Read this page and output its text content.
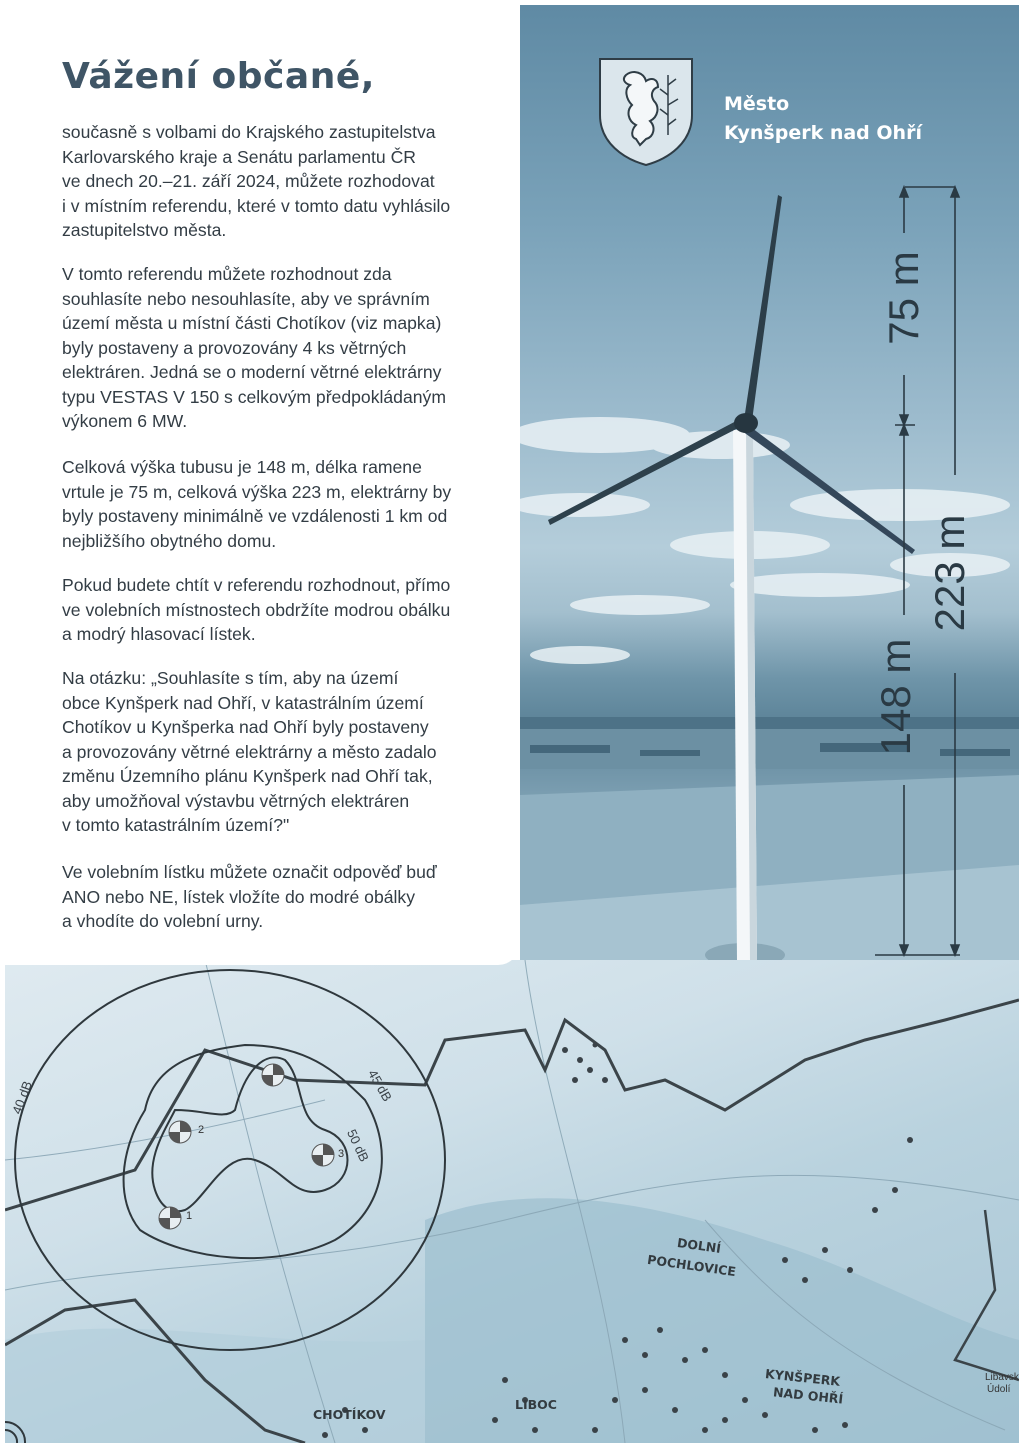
40 dB	45 dB
50 dB
2
3
1
DOLNÍ
POCHLOVICE
KYNŠPERK
NAD OHŘÍ
CHOTÍKOV
LIBOC
Libavsk
Údolí
Vážení občané,

současně s volbami do Krajského zastupitelstva

Karlovarského kraje a Senátu parlamentu ČR

ve dnech 20.–21. září 2024, můžete rozhodovat

i v místním referendu, které v tomto datu vyhlásilo

zastupitelstvo města.

V tomto referendu můžete rozhodnout zda

souhlasíte nebo nesouhlasíte, aby ve správním

území města u místní části Chotíkov (viz mapka)

byly postaveny a provozovány 4 ks větrných

elektráren. Jedná se o moderní větrné elektrárny

typu VESTAS V 150 s celkovým předpokládaným

výkonem 6 MW.

Celková výška tubusu je 148 m, délka ramene

vrtule je 75 m, celková výška 223 m, elektrárny by

byly postaveny minimálně ve vzdálenosti 1 km od

nejbližšího obytného domu.

Pokud budete chtít v referendu rozhodnout, přímo

ve volebních místnostech obdržíte modrou obálku

a modrý hlasovací lístek.

Na otázku: „Souhlasíte s tím, aby na území

obce Kynšperk nad Ohří, v katastrálním území

Chotíkov u Kynšperka nad Ohří byly postaveny

a provozovány větrné elektrárny a město zadalo

změnu Územního plánu Kynšperk nad Ohří tak,

aby umožňoval výstavbu větrných elektráren

v tomto katastrálním území?"

Ve volebním lístku můžete označit odpověď buď

ANO nebo NE, lístek vložíte do modré obálky

a vhodíte do volební urny.

Město
Kynšperk nad Ohří
75 m
223 m
148 m
